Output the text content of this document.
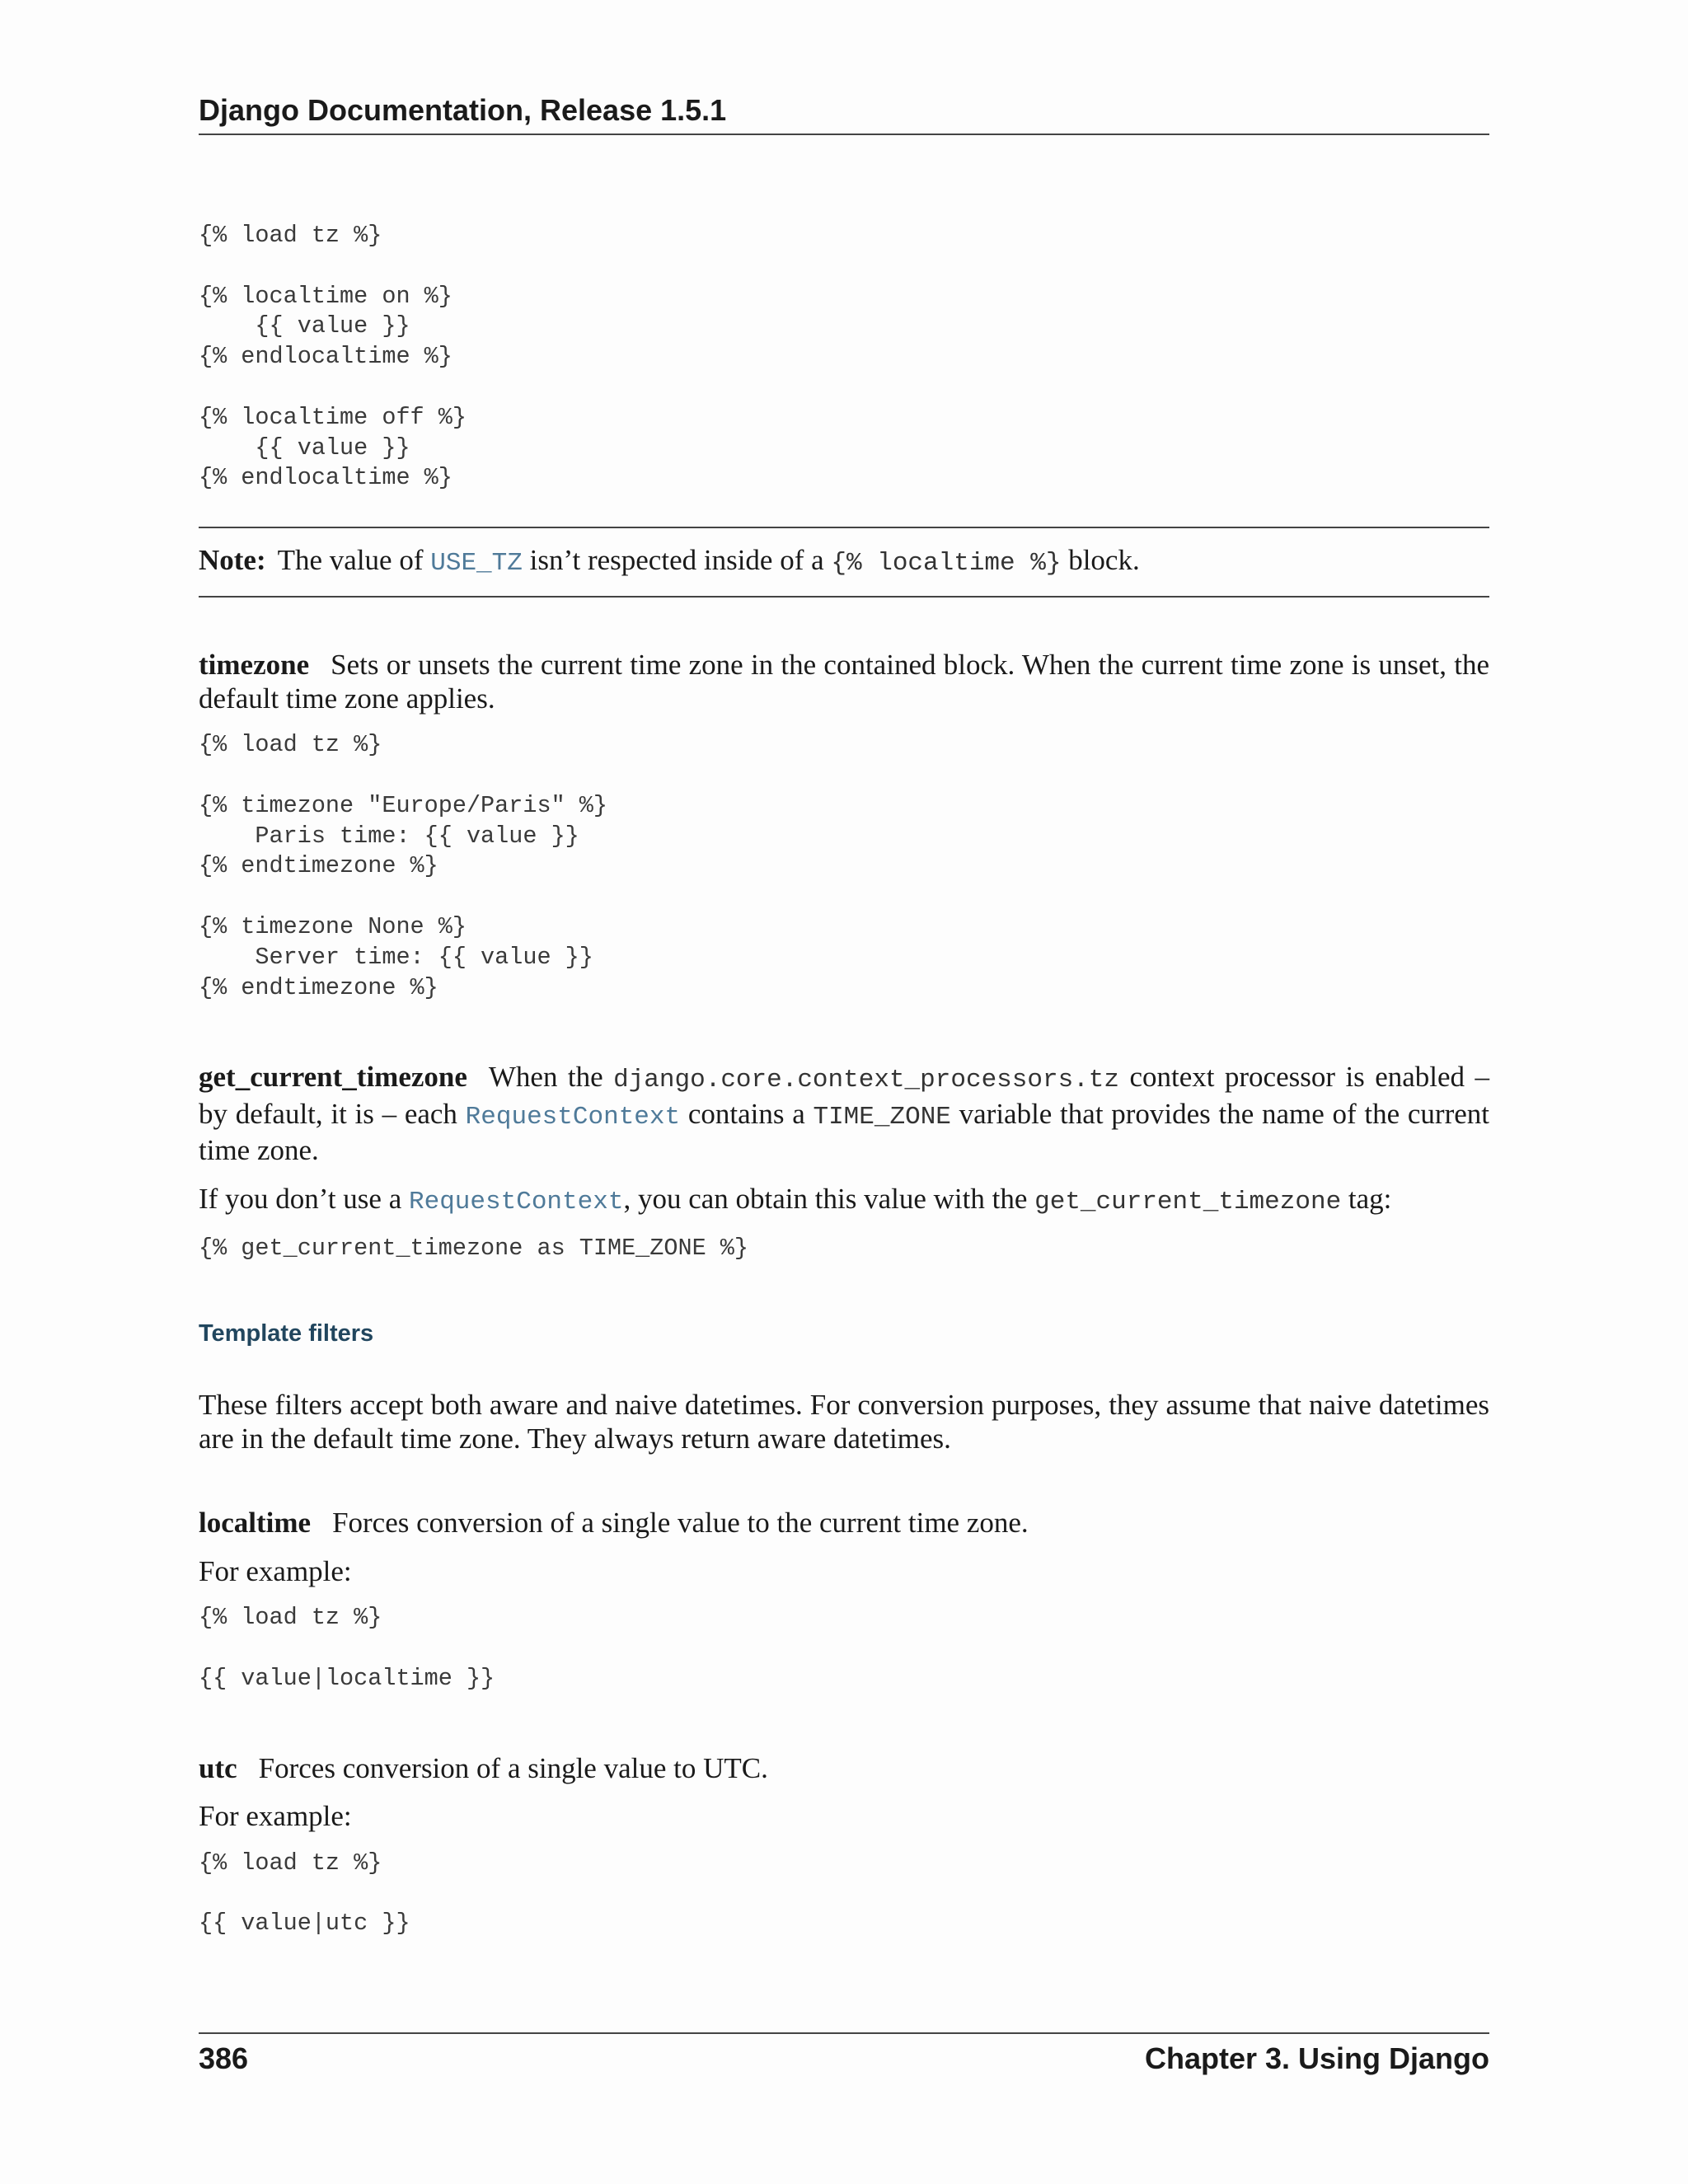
Django Documentation, Release 1.5.1
{% load tz %}

{% localtime on %}
{{ value }}
{% endlocaltime %}

{% localtime off %}
{{ value }}
{% endlocaltime %}
Note: The value of USE_TZ isn’t respected inside of a {% localtime %} block.

timezone Sets or unsets the current time zone in the contained block. When the current time zone is unset, the default time zone applies.

{% load tz %}

{% timezone "Europe/Paris" %}
Paris time: {{ value }}
{% endtimezone %}

{% timezone None %}
Server time: {{ value }}
{% endtimezone %}

get_current_timezone When the django.core.context_processors.tz context processor is enabled – by default, it is – each RequestContext contains a TIME_ZONE variable that provides the name of the current time zone.

If you don’t use a RequestContext, you can obtain this value with the get_current_timezone tag:

{% get_current_timezone as TIME_ZONE %}
Template filters

These filters accept both aware and naive datetimes. For conversion purposes, they assume that naive datetimes are in the default time zone. They always return aware datetimes.

localtime Forces conversion of a single value to the current time zone.

For example:

{% load tz %}

{{ value|localtime }}

utc Forces conversion of a single value to UTC.

For example:

{% load tz %}

{{ value|utc }}
386	Chapter 3. Using Django
